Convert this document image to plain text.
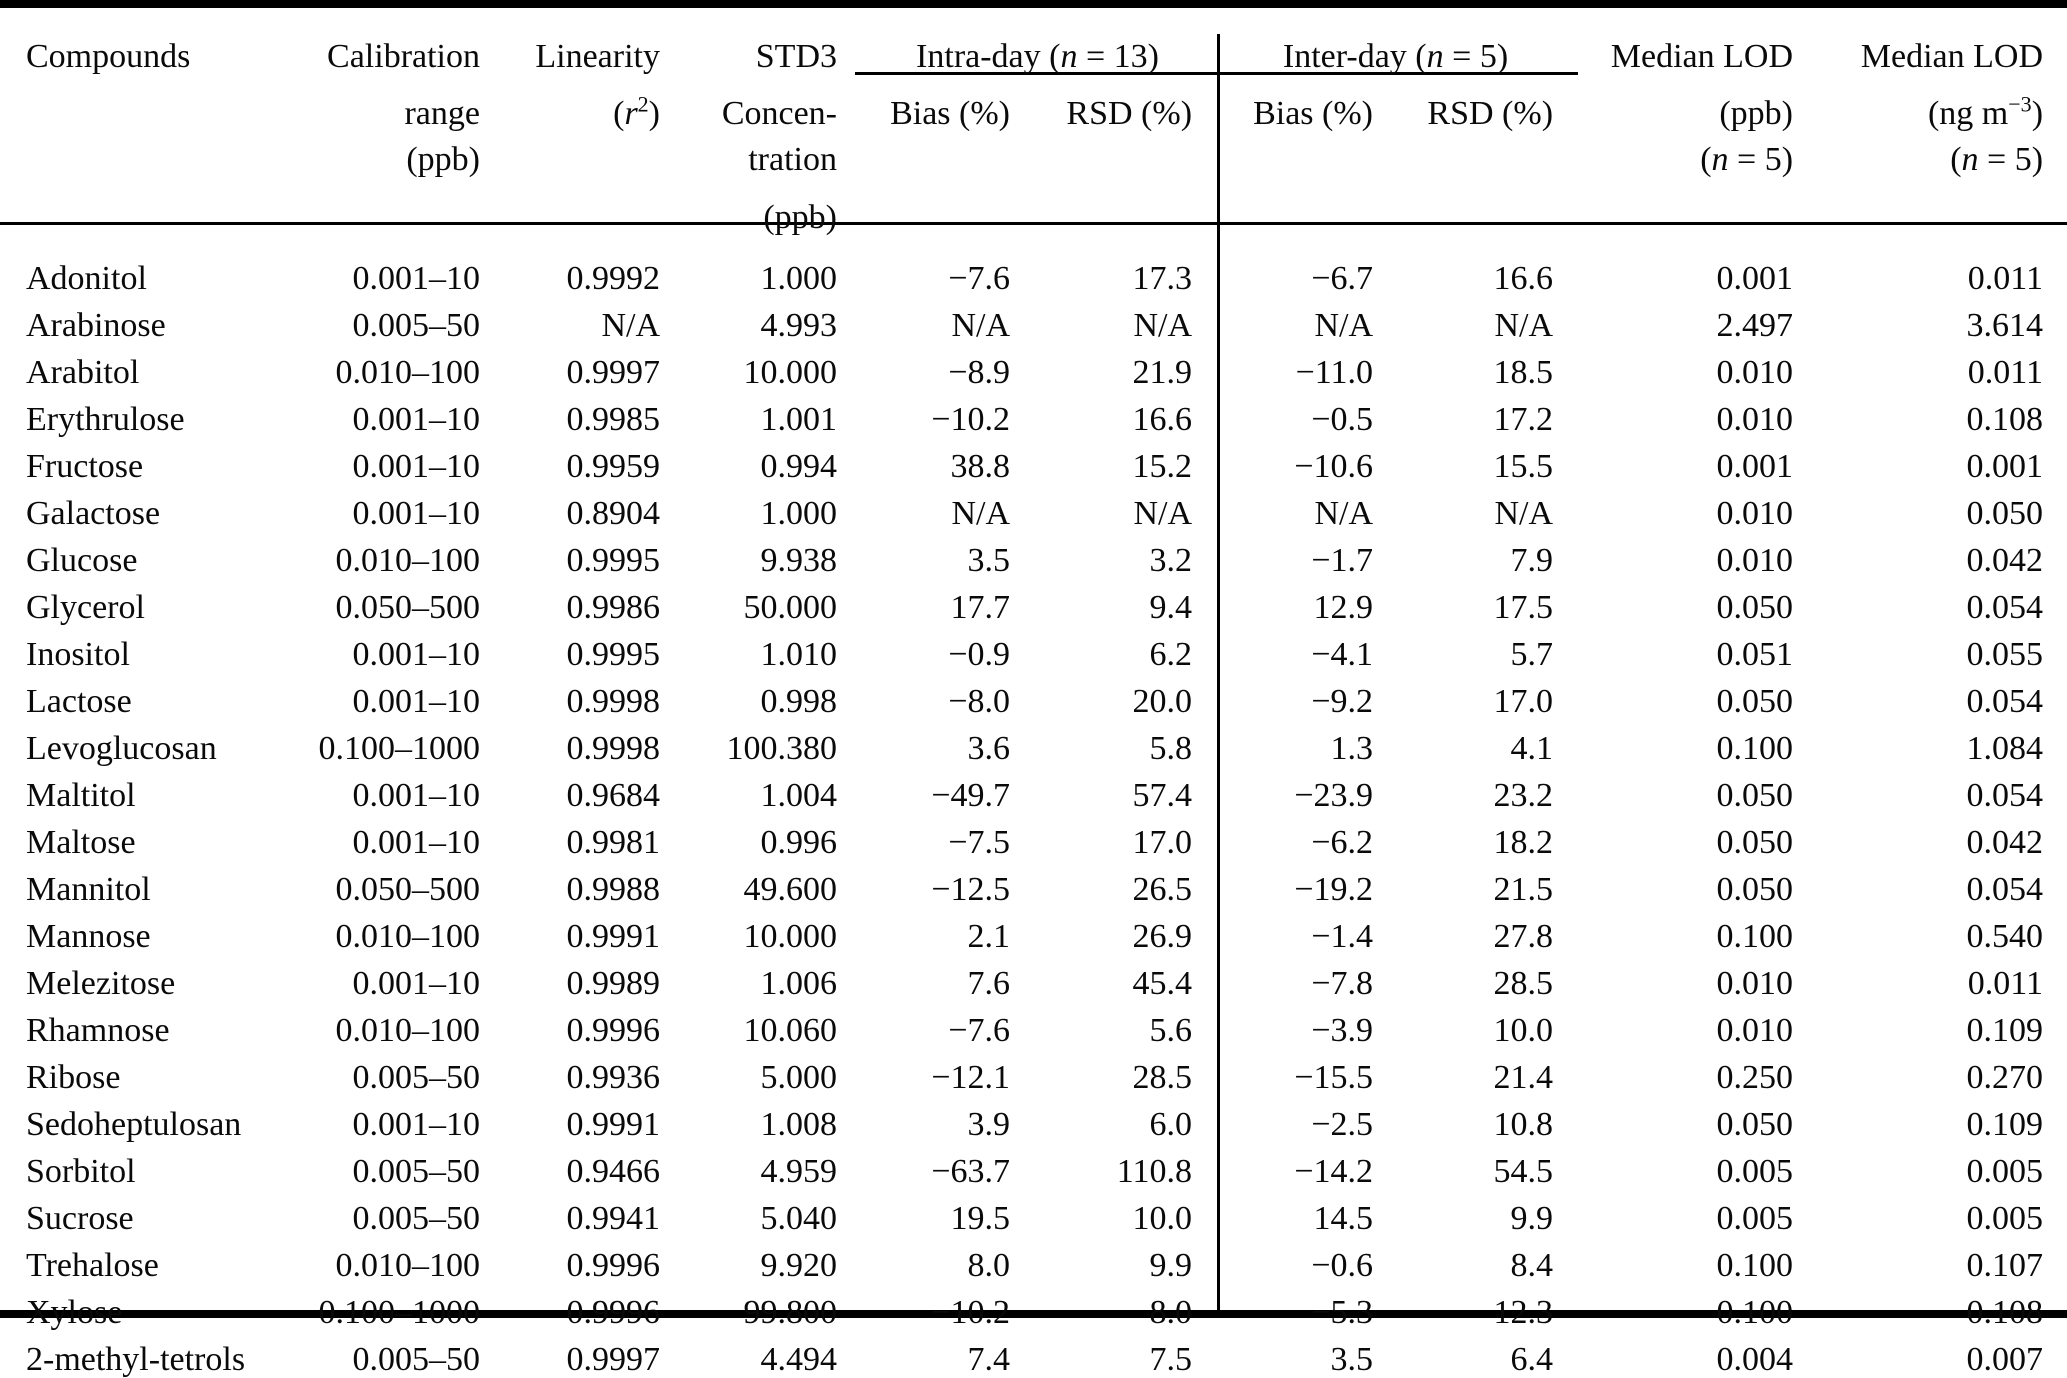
Compounds	Calibration	Linearity	STD3	Intra-day (n = 13)		Inter-day (n = 5)		Median LOD	Median LOD
	range	$(r^2)$	Concen-	Bias (%)	RSD (%)	Bias (%)	RSD (%)	(ppb)	(ng $m^{-3}$)
	(ppb)		tration					(n = 5)	(n = 5)
			(ppb)						
Adonitol	0.001–10	0.9992	1.000	−7.6	17.3	−6.7	16.6	0.001	0.011
Arabinose	0.005–50	N/A	4.993	N/A	N/A	N/A	N/A	2.497	3.614
Arabitol	0.010–100	0.9997	10.000	−8.9	21.9	−11.0	18.5	0.010	0.011
Erythrulose	0.001–10	0.9985	1.001	−10.2	16.6	−0.5	17.2	0.010	0.108
Fructose	0.001–10	0.9959	0.994	38.8	15.2	−10.6	15.5	0.001	0.001
Galactose	0.001–10	0.8904	1.000	N/A	N/A	N/A	N/A	0.010	0.050
Glucose	0.010–100	0.9995	9.938	3.5	3.2	−1.7	7.9	0.010	0.042
Glycerol	0.050–500	0.9986	50.000	17.7	9.4	12.9	17.5	0.050	0.054
Inositol	0.001–10	0.9995	1.010	−0.9	6.2	−4.1	5.7	0.051	0.055
Lactose	0.001–10	0.9998	0.998	−8.0	20.0	−9.2	17.0	0.050	0.054
Levoglucosan	0.100–1000	0.9998	100.380	3.6	5.8	1.3	4.1	0.100	1.084
Maltitol	0.001–10	0.9684	1.004	−49.7	57.4	−23.9	23.2	0.050	0.054
Maltose	0.001–10	0.9981	0.996	−7.5	17.0	−6.2	18.2	0.050	0.042
Mannitol	0.050–500	0.9988	49.600	−12.5	26.5	−19.2	21.5	0.050	0.054
Mannose	0.010–100	0.9991	10.000	2.1	26.9	−1.4	27.8	0.100	0.540
Melezitose	0.001–10	0.9989	1.006	7.6	45.4	−7.8	28.5	0.010	0.011
Rhamnose	0.010–100	0.9996	10.060	−7.6	5.6	−3.9	10.0	0.010	0.109
Ribose	0.005–50	0.9936	5.000	−12.1	28.5	−15.5	21.4	0.250	0.270
Sedoheptulosan	0.001–10	0.9991	1.008	3.9	6.0	−2.5	10.8	0.050	0.109
Sorbitol	0.005–50	0.9466	4.959	−63.7	110.8	−14.2	54.5	0.005	0.005
Sucrose	0.005–50	0.9941	5.040	19.5	10.0	14.5	9.9	0.005	0.005
Trehalose	0.010–100	0.9996	9.920	8.0	9.9	−0.6	8.4	0.100	0.107
Xylose	0.100–1000	0.9996	99.800	−10.2	8.0	−5.3	12.3	0.100	0.108
2-methyl-tetrols	0.005–50	0.9997	4.494	7.4	7.5	3.5	6.4	0.004	0.007
